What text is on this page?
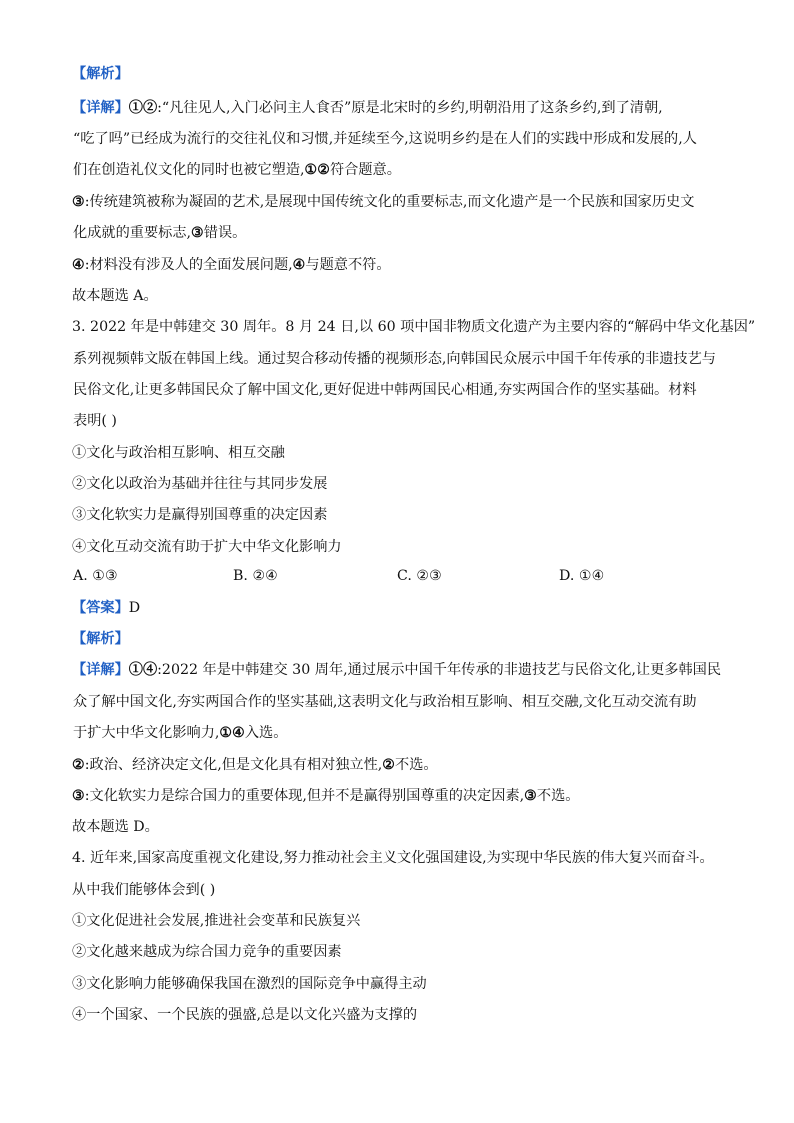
【解析】
【详解】①②:“凡往见人,入门必问主人食否”原是北宋时的乡约,明朝沿用了这条乡约,到了清朝,
“吃了吗”已经成为流行的交往礼仪和习惯,并延续至今,这说明乡约是在人们的实践中形成和发展的,人
们在创造礼仪文化的同时也被它塑造,①②符合题意。
③:传统建筑被称为凝固的艺术,是展现中国传统文化的重要标志,而文化遗产是一个民族和国家历史文
化成就的重要标志,③错误。
④:材料没有涉及人的全面发展问题,④与题意不符。
故本题选 A。
3. 2022 年是中韩建交 30 周年。8 月 24 日,以 60 项中国非物质文化遗产为主要内容的“解码中华文化基因”
系列视频韩文版在韩国上线。通过契合移动传播的视频形态,向韩国民众展示中国千年传承的非遗技艺与
民俗文化,让更多韩国民众了解中国文化,更好促进中韩两国民心相通,夯实两国合作的坚实基础。材料
表明( )
①文化与政治相互影响、相互交融
②文化以政治为基础并往往与其同步发展
③文化软实力是赢得别国尊重的决定因素
④文化互动交流有助于扩大中华文化影响力
A. ①③	B. ②④	C. ②③	D. ①④
【答案】D
【解析】
【详解】①④:2022 年是中韩建交 30 周年,通过展示中国千年传承的非遗技艺与民俗文化,让更多韩国民
众了解中国文化,夯实两国合作的坚实基础,这表明文化与政治相互影响、相互交融,文化互动交流有助
于扩大中华文化影响力,①④入选。
②:政治、经济决定文化,但是文化具有相对独立性,②不选。
③:文化软实力是综合国力的重要体现,但并不是赢得别国尊重的决定因素,③不选。
故本题选 D。
4. 近年来,国家高度重视文化建设,努力推动社会主义文化强国建设,为实现中华民族的伟大复兴而奋斗。
从中我们能够体会到( )
①文化促进社会发展,推进社会变革和民族复兴
②文化越来越成为综合国力竞争的重要因素
③文化影响力能够确保我国在激烈的国际竞争中赢得主动
④一个国家、一个民族的强盛,总是以文化兴盛为支撑的
